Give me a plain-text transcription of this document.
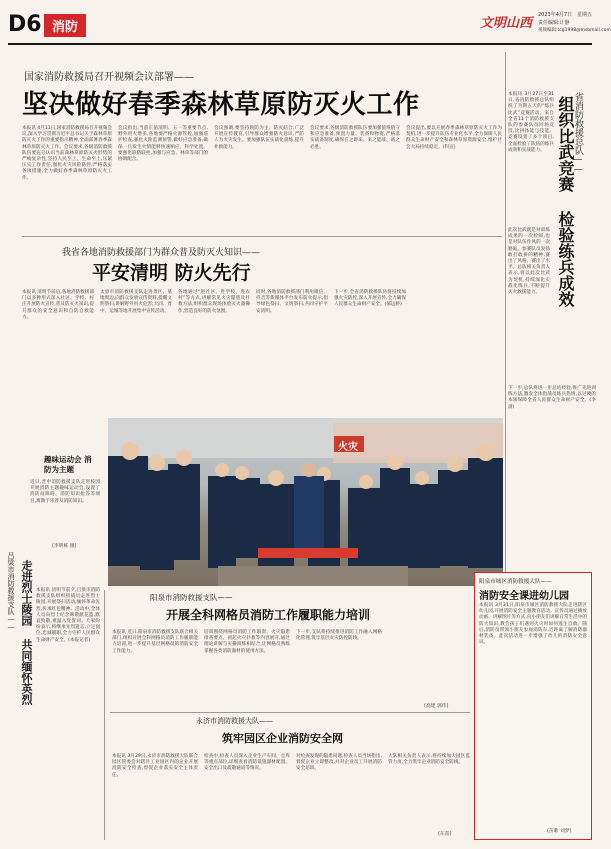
D6 消防	文明山西
2023年4月7日 星期五
责任编辑:计静
视频编辑:tcg1998@msbmail.com
本报讯 3月27日至31日,省消防救援总队组织了为期五天的“练兵比武”竞赛活动。来自全省11个消防救援支队的参赛队员同场竞技,比拼体能与技能。竞赛设置了多个项目,全面检验了队伍的练兵成效和实战能力。	省消防救援总队——
组织比武竞赛 检验练兵成效
此次比武既是对训练成果的一次检阅,也是对队伍作风的一次磨砺。参赛队员发扬敢打敢拼的精神,赛出了风格、赛出了水平。总队相关负责人表示,将以此次比武为契机,持续深化实战化练兵,不断提升灭火救援能力。
下一步,总队将进一步总结经验,推广先进训练方法,激发全体指战员练兵热情,以过硬的本领保障全省人民群众生命财产安全。(李澍)
国家消防救援局召开视频会议部署——
坚决做好春季森林草原防灭火工作
本报讯 4月11日,国家消防救援局召开视频会议,深入学习贯彻习近平总书记关于森林草原防灭火工作的重要指示精神,全面部署春季森林草原防灭火工作。会议要求,各级消防救援队伍要充分认识当前森林草原防灭火形势的严峻复杂性,坚持人民至上、生命至上,压紧压实工作责任,强化火灾风险防控,严格落实各项措施,全力做好春季森林草原防灭火工作。
会议指出,当前正值清明、五一等重要节点,野外用火增多,各地要严格火源管控,加强巡护检查,强化火险监测预警,做好应急准备,确保一旦发生火情能够快速响应、科学处置。要强化联防联控,加强与应急、林草等部门的协调配合。
会议强调,要坚持预防为主、防灭结合,广泛开展宣传教育,引导群众增强防火意识,严防人为火灾发生。要加强队伍实战化训练,提升扑救能力。
会议要求,各级消防救援队伍要加强值班值守和应急准备,预置力量、装备和物资,严格落实战备制度,确保召之即来、来之能战、战之必胜。
会议提出,要以开展春季森林草原防灭火工作为契机,进一步提升队伍专业化水平,全力保障人民群众生命财产安全和森林草原资源安全,维护社会大局持续稳定。(科宣)
我省各地消防救援部门为群众普及防灭火知识——
平安清明 防火先行
本报讯 清明节前后,各地消防救援部门以多种形式深入社区、学校、村庄开展防火宣传,普及防灭火知识,提升群众的安全意识和自防自救能力。
太原市消防救援支队走进景区、墓地周边,向群众发放宣传资料,提醒文明祭扫,讲解野外用火危害;大同、晋中、运城等地开展集中宣传活动。
各地通过“进社区、进学校、进农村”等方式,讲解常见火灾隐患及扑救方法,组织群众现场体验灭火器操作,营造良好的防火氛围。
同时,各地消防救援部门利用微信、抖音等新媒体平台发布防火提示,倡导绿色祭扫、文明祭扫,共同守护平安清明。
下一步,全省消防救援队伍将持续加强火灾防控,深入开展宣传,全力确保人民群众生命财产安全。(郝远桥)
趣味运动会 消防为主题
近日,晋中消防救援支队走进校园开展消防主题趣味运动会,设置了消防站障碍、消防知识抢答等项目,寓教于乐普及消防知识。
(李明栋 摄)
火灾
吕梁市消防救援支队—— 走进烈士陵园 共同缅怀英烈 本报讯 清明节前夕,吕梁市消防救援支队组织指战员走进烈士陵园,开展祭扫活动,缅怀革命先烈,传承红色精神。活动中,全体人员向烈士纪念碑敬献花篮,默哀致敬,重温入党誓词。大家纷纷表示,将继承先烈遗志,立足岗位,忠诚履职,全力守护人民群众生命财产安全。(本报记者)
阳泉市消防救援支队——
开展全科网格员消防工作履职能力培训
本报讯 近日,阳泉市消防救援支队联合相关部门,组织开展全科网格员消防工作履职能力培训,进一步提升基层网格员的消防安全工作能力。
培训围绕网格员消防工作职责、火灾隐患排查要点、初起火灾扑救等内容展开,通过理论讲解与实操演练相结合,让网格员熟练掌握各类消防器材的使用方法。
下一步,支队将持续推进消防工作融入网格化管理,筑牢基层火灾防控防线。
(高建 郭伟)
永济市消防救援大队——
筑牢园区企业消防安全网
本报讯 3月29日,永济市消防救援大队联合园区管委会对辖区工业园区内的企业开展消防安全检查,督促企业落实安全主体责任。
检查中,检查人员深入企业生产车间、仓库等重点部位,详细查看消防设施器材配置、安全出口及疏散通道等情况。
对检查发现的隐患问题,检查人员当场指出,督促企业立即整改,并对企业员工开展消防安全培训。
大队相关负责人表示,将持续加大园区监管力度,全力筑牢企业消防安全防线。
(东雷)
阳泉市城区消防救援大队——
消防安全课进幼儿园
本报讯 3月31日,阳泉市城区消防救援大队走进辖区幼儿园,开展消防安全主题教育活动。宣传员通过播放动画、讲解图片等方式,向小朋友们讲解日常生活中的防火知识,教会孩子们遇到火灾时如何逃生自救。随后,消防员带领小朋友参观消防车,近距离了解消防器材装备。此次活动进一步增强了幼儿的消防安全意识。
(苗歌 刘梦)
